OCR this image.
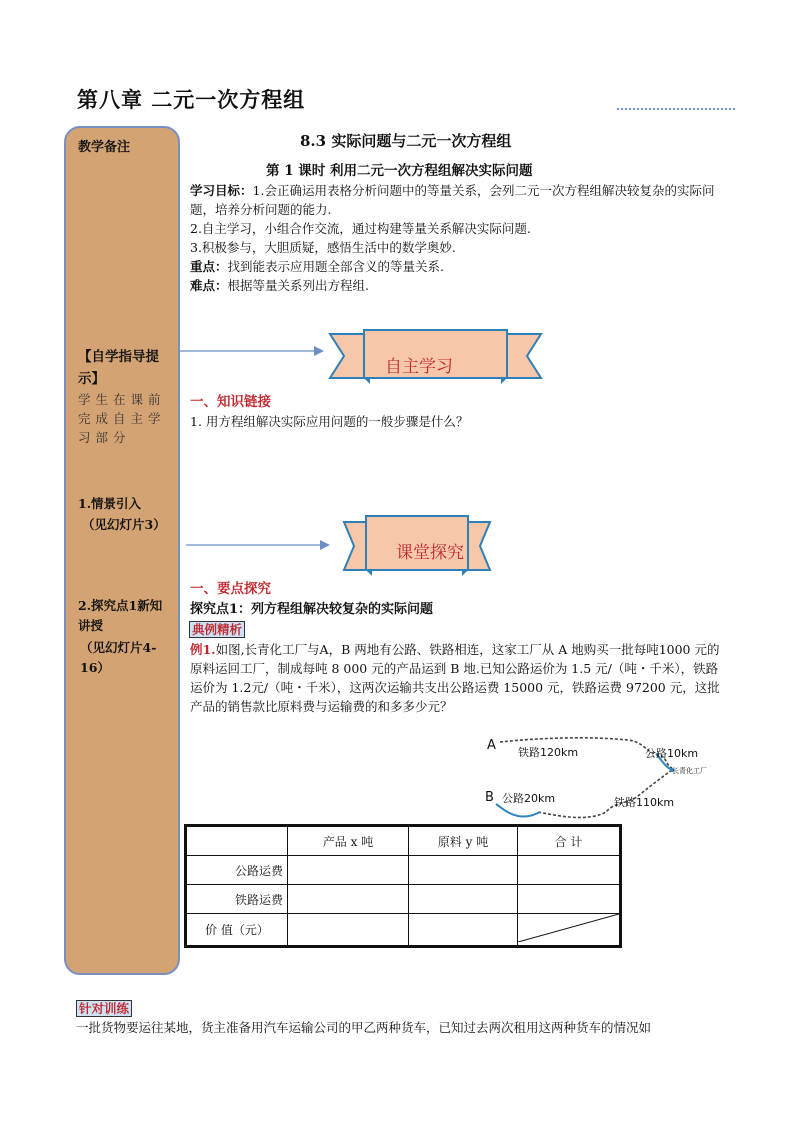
第八章 二元一次方程组
教学备注
【自学指导提示】
学生在课前完成自主学习部分
1.情景引入
（见幻灯片3）
2.探究点1新知讲授
（见幻灯片4-16）
8.3 实际问题与二元一次方程组
第 1 课时 利用二元一次方程组解决实际问题
学习目标：1.会正确运用表格分析问题中的等量关系，会列二元一次方程组解决较复杂的实际问题，培养分析问题的能力.
2.自主学习，小组合作交流，通过构建等量关系解决实际问题.
3.积极参与，大胆质疑，感悟生活中的数学奥妙.
重点：找到能表示应用题全部含义的等量关系.
难点：根据等量关系列出方程组.
自主学习
一、知识链接
1. 用方程组解决实际应用问题的一般步骤是什么？
课堂探究
一、要点探究
探究点1：列方程组解决较复杂的实际问题
典例精析
例1.如图,长青化工厂与A，B 两地有公路、铁路相连，这家工厂从 A 地购买一批每吨1000 元的原料运回工厂，制成每吨 8 000 元的产品运到 B 地.已知公路运价为 1.5 元/（吨・千米），铁路运价为 1.2元/（吨・千米），这两次运输共支出公路运费 15000 元，铁路运费 97200 元，这批产品的销售款比原料费与运输费的和多多少元？
A 铁路120km	公路10km
长青化工厂
B 公路20km	铁路110km
	产品 x 吨	原料 y 吨	合 计
公路运费			
铁路运费			
价 值（元）			
针对训练
一批货物要运往某地，货主准备用汽车运输公司的甲乙两种货车，已知过去两次租用这两种货车的情况如
